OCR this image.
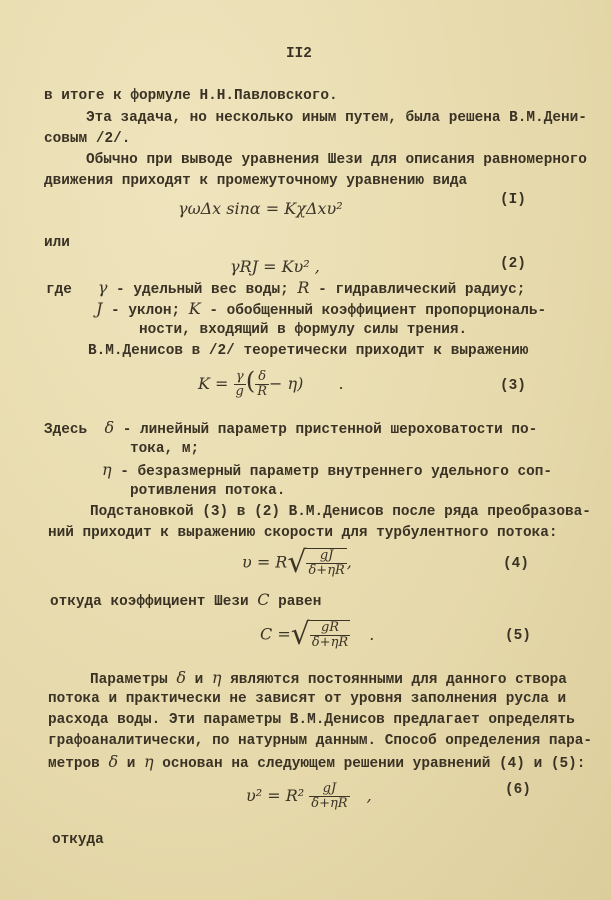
II2
в итоге к формуле Н.Н.Павловского.
Эта задача, но несколько иным путем, была решена В.М.Дени-
совым /2/.
Обычно при выводе уравнения Шези для описания равномерного
движения приходят к промежуточному уравнению вида
γωΔx sinα = KχΔxυ²	(I)
или
γRJ = Kυ² ,	(2)
где γ - удельный вес воды; R - гидравлический радиус;
J - уклон; K - обобщенный коэффициент пропорциональ-
ности, входящий в формулу силы трения.
В.М.Денисов в /2/ теоретически приходит к выражению
$K = \frac{\gamma}{g}$ ( $\frac{\delta}{R} - \eta$) .	(3)
Здесь δ - линейный параметр пристенной шероховатости по-
тока, м;
η - безразмерный параметр внутреннего удельного соп-
ротивления потока.
Подстановкой (3) в (2) В.М.Денисов после ряда преобразова-
ний приходит к выражению скорости для турбулентного потока:
$\upsilon = R√ \frac{gJ}{\delta+\eta R}$ ,	(4)
откуда коэффициент Шези C равен
C =√ $\frac{gR}{\delta+\eta R}$ .	(5)
Параметры δ и η являются постоянными для данного створа
потока и практически не зависят от уровня заполнения русла и
расхода воды. Эти параметры В.М.Денисов предлагает определять
графоаналитически, по натурным данным. Способ определения пара-
метров δ и η основан на следующем решении уравнений (4) и (5):
$\upsilon^2 = R^2 \frac{gJ}{\delta+\eta R}$ ,	(6)
откуда
